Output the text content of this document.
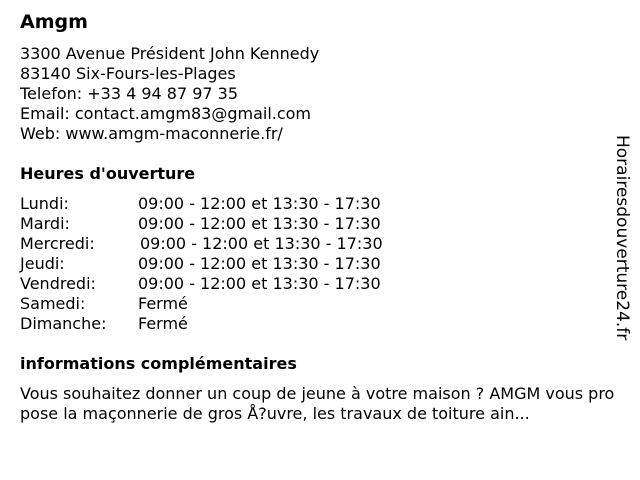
Amgm
3300 Avenue Président John Kennedy
83140 Six-Fours-les-Plages
Telefon: +33 4 94 87 97 35
Email: contact.amgm83@gmail.com
Web: www.amgm-maconnerie.fr/
Heures d'ouverture
Lundi:	09:00 - 12:00 et 13:30 - 17:30
Mardi:	09:00 - 12:00 et 13:30 - 17:30
Mercredi:	09:00 - 12:00 et 13:30 - 17:30
Jeudi:	09:00 - 12:00 et 13:30 - 17:30
Vendredi:	09:00 - 12:00 et 13:30 - 17:30
Samedi:	Fermé
Dimanche: Fermé
informations complémentaires
Vous souhaitez donner un coup de jeune à votre maison ? AMGM vous propose la maçonnerie de gros Å?uvre, les travaux de toiture ain...
Horairesdouverture24.fr
